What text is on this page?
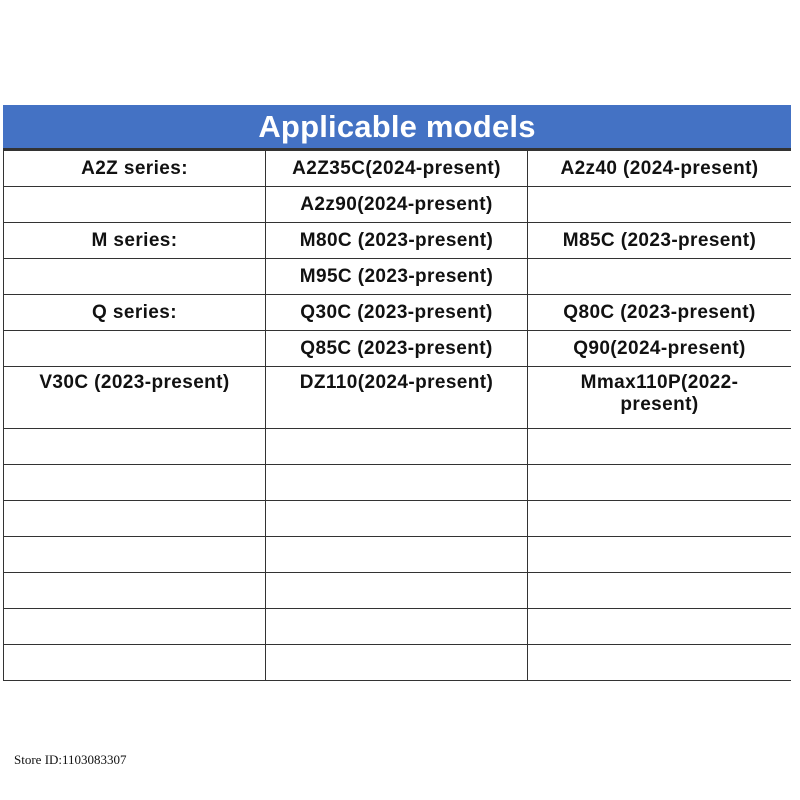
Applicable models
A2Z series:	A2Z35C(2024-present)	A2z40 (2024-present)
	A2z90(2024-present)	
M series:	M80C (2023-present)	M85C (2023-present)
	M95C (2023-present)	
Q series:	Q30C (2023-present)	Q80C (2023-present)
	Q85C (2023-present)	Q90(2024-present)
V30C (2023-present)	DZ110(2024-present)	Mmax110P(2022-
present)

Store ID:1103083307
